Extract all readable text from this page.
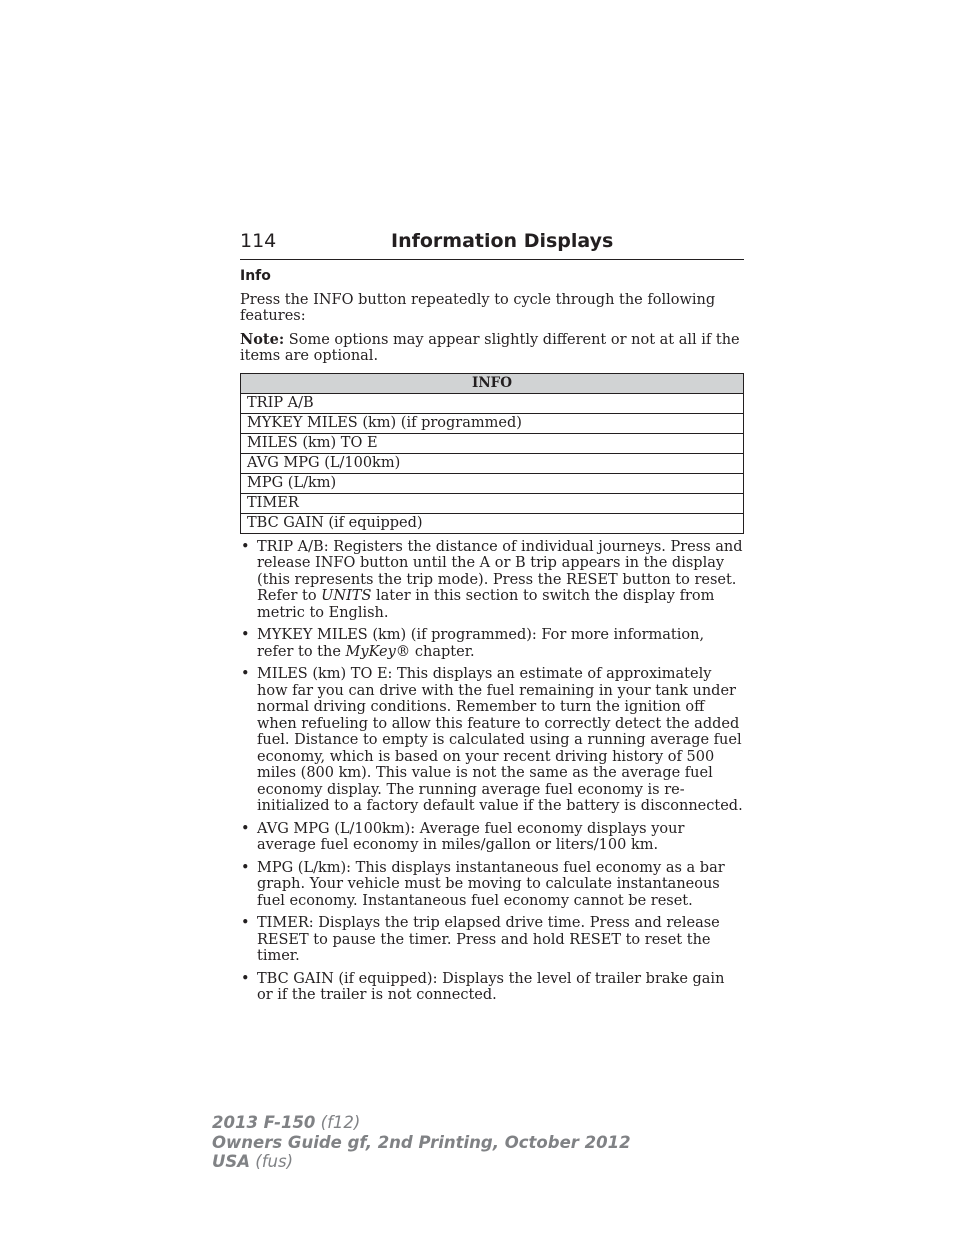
114	Information Displays
Info

Press the INFO button repeatedly to cycle through the following features:

Note: Some options may appear slightly different or not at all if the items are optional.

INFO
TRIP A/B
MYKEY MILES (km) (if programmed)
MILES (km) TO E
AVG MPG (L/100km)
MPG (L/km)
TIMER
TBC GAIN (if equipped)
• TRIP A/B: Registers the distance of individual journeys. Press and release INFO button until the A or B trip appears in the display (this represents the trip mode). Press the RESET button to reset. Refer to UNITS later in this section to switch the display from metric to English.
• MYKEY MILES (km) (if programmed): For more information, refer to the MyKey® chapter.
• MILES (km) TO E: This displays an estimate of approximately how far you can drive with the fuel remaining in your tank under normal driving conditions. Remember to turn the ignition off when refueling to allow this feature to correctly detect the added fuel. Distance to empty is calculated using a running average fuel economy, which is based on your recent driving history of 500 miles (800 km). This value is not the same as the average fuel economy display. The running average fuel economy is re-initialized to a factory default value if the battery is disconnected.
• AVG MPG (L/100km): Average fuel economy displays your average fuel economy in miles/gallon or liters/100 km.
• MPG (L/km): This displays instantaneous fuel economy as a bar graph. Your vehicle must be moving to calculate instantaneous fuel economy. Instantaneous fuel economy cannot be reset.
• TIMER: Displays the trip elapsed drive time. Press and release RESET to pause the timer. Press and hold RESET to reset the timer.
• TBC GAIN (if equipped): Displays the level of trailer brake gain or if the trailer is not connected.
2013 F-150 (f12)
Owners Guide gf, 2nd Printing, October 2012
USA (fus)
